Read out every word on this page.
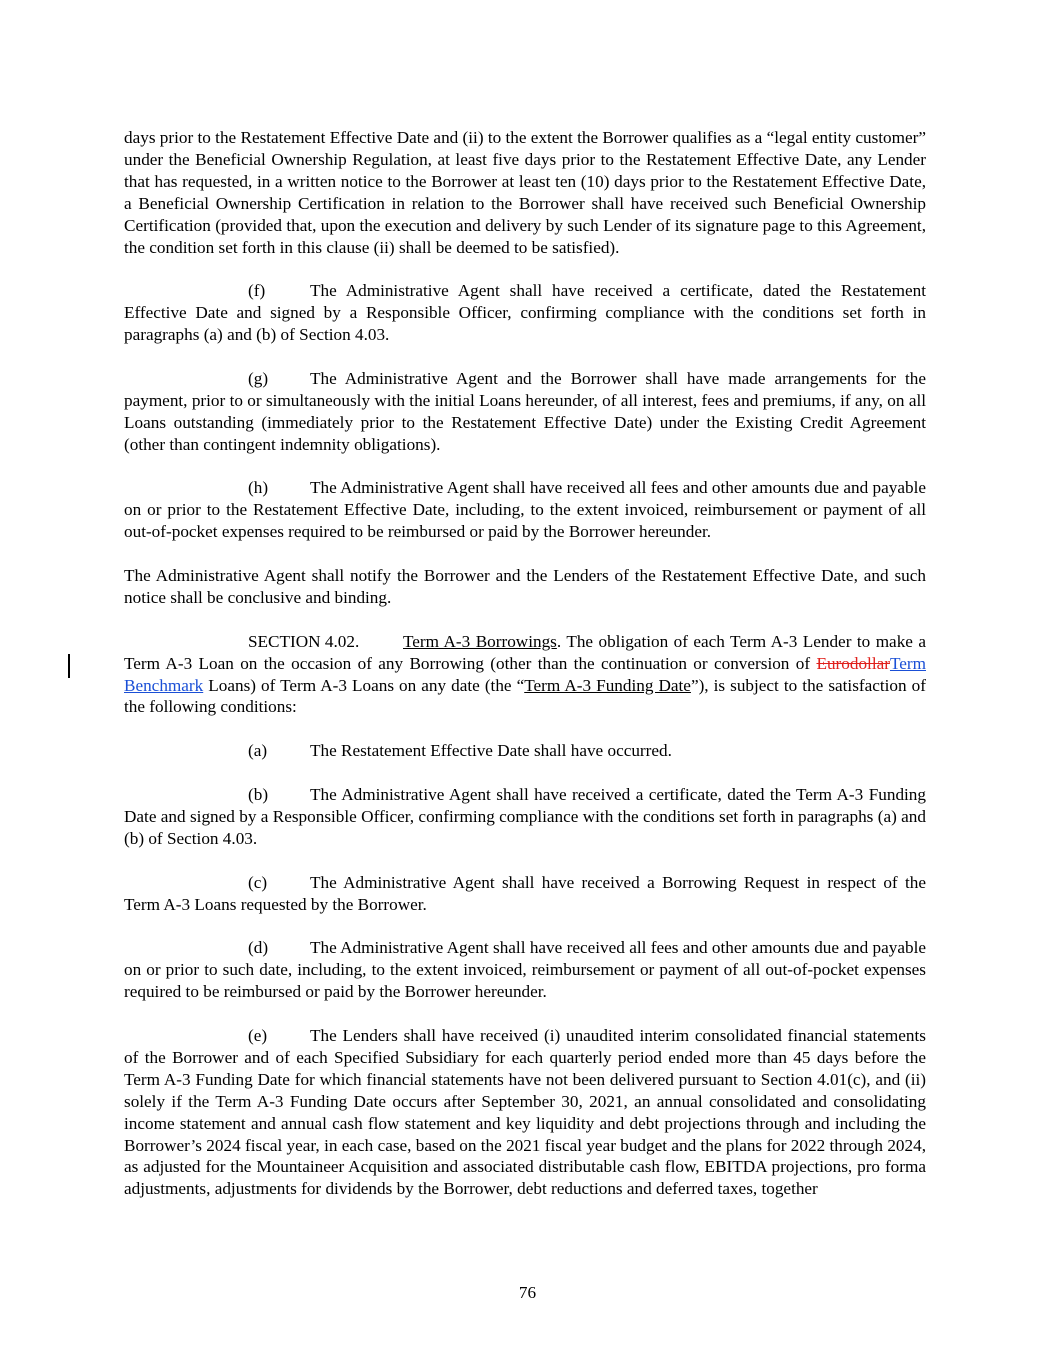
days prior to the Restatement Effective Date and (ii) to the extent the Borrower qualifies as a “legal entity customer” under the Beneficial Ownership Regulation, at least five days prior to the Restatement Effective Date, any Lender that has requested, in a written notice to the Borrower at least ten (10) days prior to the Restatement Effective Date, a Beneficial Ownership Certification in relation to the Borrower shall have received such Beneficial Ownership Certification (provided that, upon the execution and delivery by such Lender of its signature page to this Agreement, the condition set forth in this clause (ii) shall be deemed to be satisfied).

(f)	The Administrative Agent shall have received a certificate, dated the Restatement Effective Date and signed by a Responsible Officer, confirming compliance with the conditions set forth in paragraphs (a) and (b) of Section 4.03.

(g) The Administrative Agent and the Borrower shall have made arrangements for the payment, prior to or simultaneously with the initial Loans hereunder, of all interest, fees and premiums, if any, on all Loans outstanding (immediately prior to the Restatement Effective Date) under the Existing Credit Agreement (other than contingent indemnity obligations).

(h) The Administrative Agent shall have received all fees and other amounts due and payable on or prior to the Restatement Effective Date, including, to the extent invoiced, reimbursement or payment of all out-of-pocket expenses required to be reimbursed or paid by the Borrower hereunder.

The Administrative Agent shall notify the Borrower and the Lenders of the Restatement Effective Date, and such notice shall be conclusive and binding.

SECTION 4.02.	Term A-3 Borrowings. The obligation of each Term A-3 Lender to make a Term A-3 Loan on the occasion of any Borrowing (other than the continuation or conversion of EurodollarTerm Benchmark Loans) of Term A-3 Loans on any date (the “Term A-3 Funding Date”), is subject to the satisfaction of the following conditions:

(a) The Restatement Effective Date shall have occurred.

(b) The Administrative Agent shall have received a certificate, dated the Term A-3 Funding Date and signed by a Responsible Officer, confirming compliance with the conditions set forth in paragraphs (a) and (b) of Section 4.03.

(c) The Administrative Agent shall have received a Borrowing Request in respect of the Term A-3 Loans requested by the Borrower.

(d) The Administrative Agent shall have received all fees and other amounts due and payable on or prior to such date, including, to the extent invoiced, reimbursement or payment of all out-of-pocket expenses required to be reimbursed or paid by the Borrower hereunder.

(e) The Lenders shall have received (i) unaudited interim consolidated financial statements of the Borrower and of each Specified Subsidiary for each quarterly period ended more than 45 days before the Term A-3 Funding Date for which financial statements have not been delivered pursuant to Section 4.01(c), and (ii) solely if the Term A-3 Funding Date occurs after September 30, 2021, an annual consolidated and consolidating income statement and annual cash flow statement and key liquidity and debt projections through and including the Borrower’s 2024 fiscal year, in each case, based on the 2021 fiscal year budget and the plans for 2022 through 2024, as adjusted for the Mountaineer Acquisition and associated distributable cash flow, EBITDA projections, pro forma adjustments, adjustments for dividends by the Borrower, debt reductions and deferred taxes, together

76
